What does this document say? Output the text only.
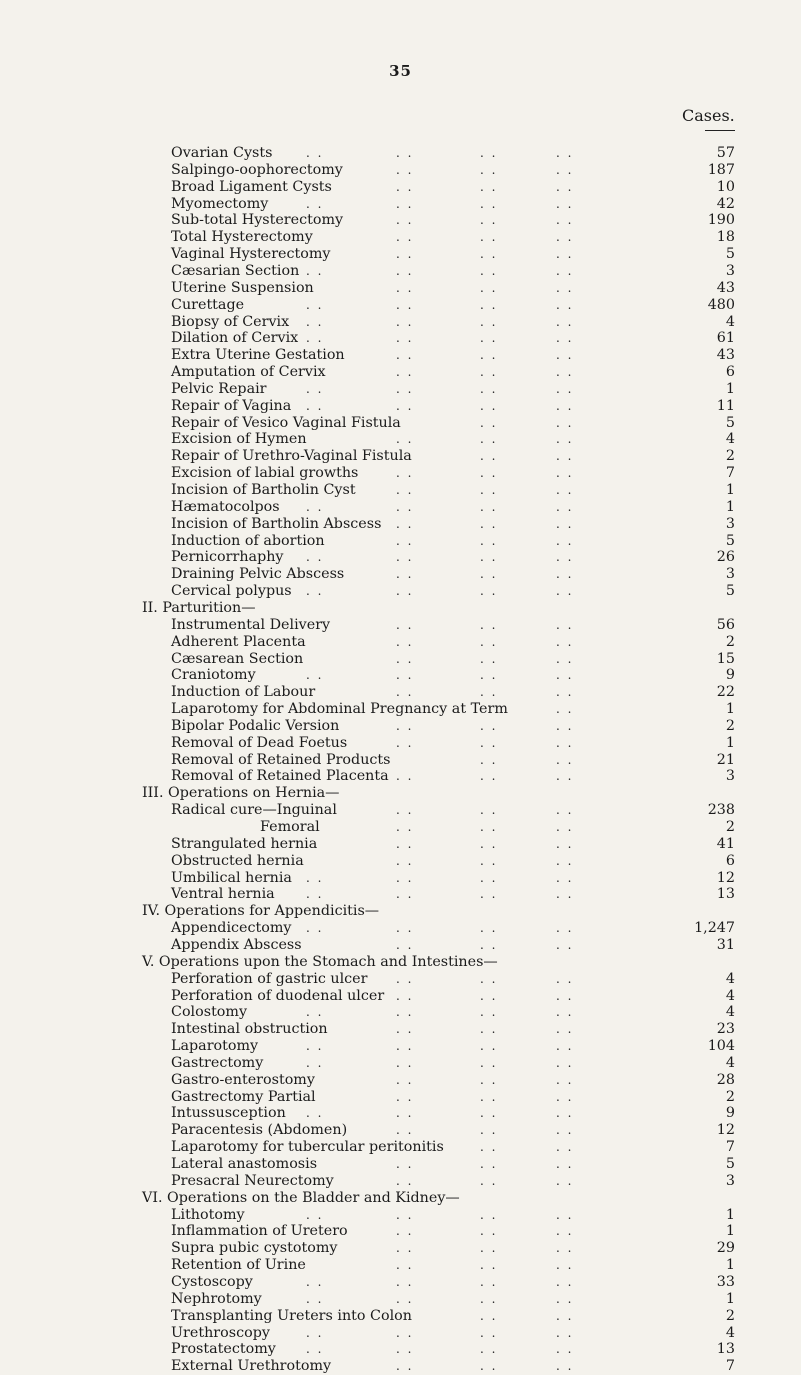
35
Cases.
Ovarian Cysts	57
. .	. .	. .	. .
Salpingo-oophorectomy	187
. .	. .	. .
Broad Ligament Cysts	10
. .	. .	. .
Myomectomy	42
. .	. .	. .	. .
Sub-total Hysterectomy	190
. .	. .	. .
Total Hysterectomy	18
. .	. .	. .
Vaginal Hysterectomy	5
. .	. .	. .
Cæsarian Section	3
. .	. .	. .	. .
Uterine Suspension	43
. .	. .	. .
Curettage	480
. .	. .	. .	. .
Biopsy of Cervix	4
. .	. .	. .	. .
Dilation of Cervix	61
. .	. .	. .	. .
Extra Uterine Gestation	43
. .	. .	. .
Amputation of Cervix	6
. .	. .	. .
Pelvic Repair	1
. .	. .	. .	. .
Repair of Vagina	11
. .	. .	. .	. .
Repair of Vesico Vaginal Fistula	5
. .	. .
Excision of Hymen	4
. .	. .	. .
Repair of Urethro-Vaginal Fistula	2
. .	. .
Excision of labial growths	7
. .	. .	. .
Incision of Bartholin Cyst	1
. .	. .	. .
Hæmatocolpos	1
. .	. .	. .	. .
Incision of Bartholin Abscess	3
. .	. .	. .
Induction of abortion	5
. .	. .	. .
Pernicorrhaphy	26
. .	. .	. .	. .
Draining Pelvic Abscess	3
. .	. .	. .
Cervical polypus	5
. .	. .	. .	. .
II. Parturition—
Instrumental Delivery	56
. .	. .	. .
Adherent Placenta	2
. .	. .	. .
Cæsarean Section	15
. .	. .	. .
Craniotomy	9
. .	. .	. .	. .
Induction of Labour	22
. .	. .	. .
Laparotomy for Abdominal Pregnancy at Term	1
. .
Bipolar Podalic Version	2
. .	. .	. .
Removal of Dead Foetus	1
. .	. .	. .
Removal of Retained Products	21
. .	. .
Removal of Retained Placenta	3
. .	. .	. .
III. Operations on Hernia—
Radical cure—Inguinal	238
. .	. .	. .
Femoral	2
. .	. .	. .
Strangulated hernia	41
. .	. .	. .
Obstructed hernia	6
. .	. .	. .
Umbilical hernia	12
. .	. .	. .	. .
Ventral hernia	13
. .	. .	. .	. .
IV. Operations for Appendicitis—
Appendicectomy	1,247
. .	. .	. .	. .
Appendix Abscess	31
. .	. .	. .
V. Operations upon the Stomach and Intestines—
Perforation of gastric ulcer	4
. .	. .	. .
Perforation of duodenal ulcer	4
. .	. .	. .
Colostomy	4
. .	. .	. .	. .
Intestinal obstruction	23
. .	. .	. .
Laparotomy	104
. .	. .	. .	. .
Gastrectomy	4
. .	. .	. .	. .
Gastro-enterostomy	28
. .	. .	. .
Gastrectomy Partial	2
. .	. .	. .
Intussusception	9
. .	. .	. .	. .
Paracentesis (Abdomen)	12
. .	. .	. .
Laparotomy for tubercular peritonitis	7
. .	. .
Lateral anastomosis	5
. .	. .	. .
Presacral Neurectomy	3
. .	. .	. .
VI. Operations on the Bladder and Kidney—
Lithotomy	1
. .	. .	. .	. .
Inflammation of Uretero	1
. .	. .	. .
Supra pubic cystotomy	29
. .	. .	. .
Retention of Urine	1
. .	. .	. .
Cystoscopy	33
. .	. .	. .	. .
Nephrotomy	1
. .	. .	. .	. .
Transplanting Ureters into Colon	2
. .	. .
Urethroscopy	4
. .	. .	. .	. .
Prostatectomy	13
. .	. .	. .	. .
External Urethrotomy	7
. .	. .	. .
